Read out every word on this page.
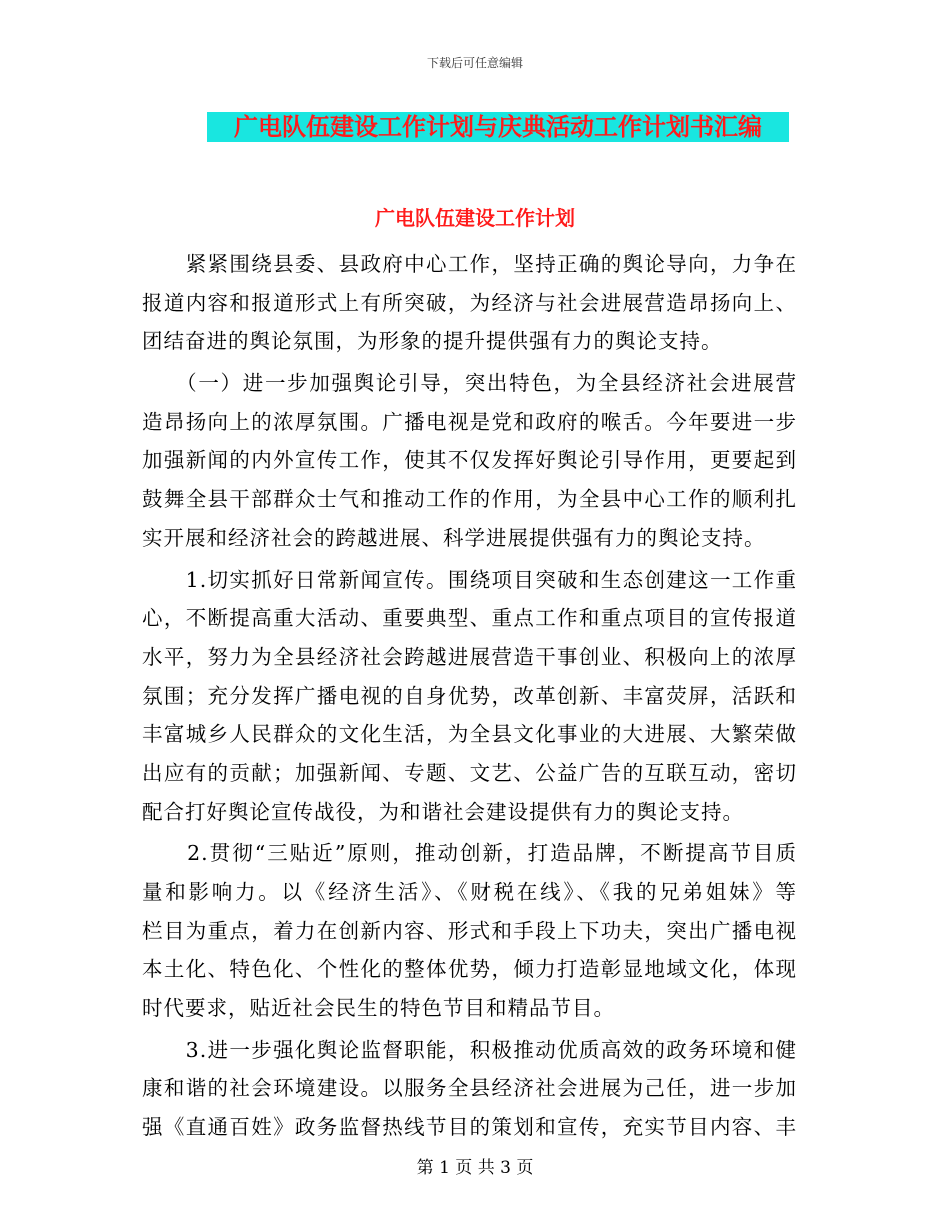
下载后可任意编辑
广电队伍建设工作计划与庆典活动工作计划书汇编
广电队伍建设工作计划
　　紧紧围绕县委、县政府中心工作，坚持正确的舆论导向，力争在
报道内容和报道形式上有所突破，为经济与社会进展营造昂扬向上、
团结奋进的舆论氛围，为形象的提升提供强有力的舆论支持。
　　（一）进一步加强舆论引导，突出特色，为全县经济社会进展营
造昂扬向上的浓厚氛围。广播电视是党和政府的喉舌。今年要进一步
加强新闻的内外宣传工作，使其不仅发挥好舆论引导作用，更要起到
鼓舞全县干部群众士气和推动工作的作用，为全县中心工作的顺利扎
实开展和经济社会的跨越进展、科学进展提供强有力的舆论支持。
　　1.切实抓好日常新闻宣传。围绕项目突破和生态创建这一工作重
心，不断提高重大活动、重要典型、重点工作和重点项目的宣传报道
水平，努力为全县经济社会跨越进展营造干事创业、积极向上的浓厚
氛围；充分发挥广播电视的自身优势，改革创新、丰富荧屏，活跃和
丰富城乡人民群众的文化生活，为全县文化事业的大进展、大繁荣做
出应有的贡献；加强新闻、专题、文艺、公益广告的互联互动，密切
配合打好舆论宣传战役，为和谐社会建设提供有力的舆论支持。
　　2.贯彻“三贴近”原则，推动创新，打造品牌，不断提高节目质
量和影响力。以《经济生活》、《财税在线》、《我的兄弟姐妹》等
栏目为重点，着力在创新内容、形式和手段上下功夫，突出广播电视
本土化、特色化、个性化的整体优势，倾力打造彰显地域文化，体现
时代要求，贴近社会民生的特色节目和精品节目。
　　3.进一步强化舆论监督职能，积极推动优质高效的政务环境和健
康和谐的社会环境建设。以服务全县经济社会进展为己任，进一步加
强《直通百姓》政务监督热线节目的策划和宣传，充实节目内容、丰
第 1 页 共 3 页
